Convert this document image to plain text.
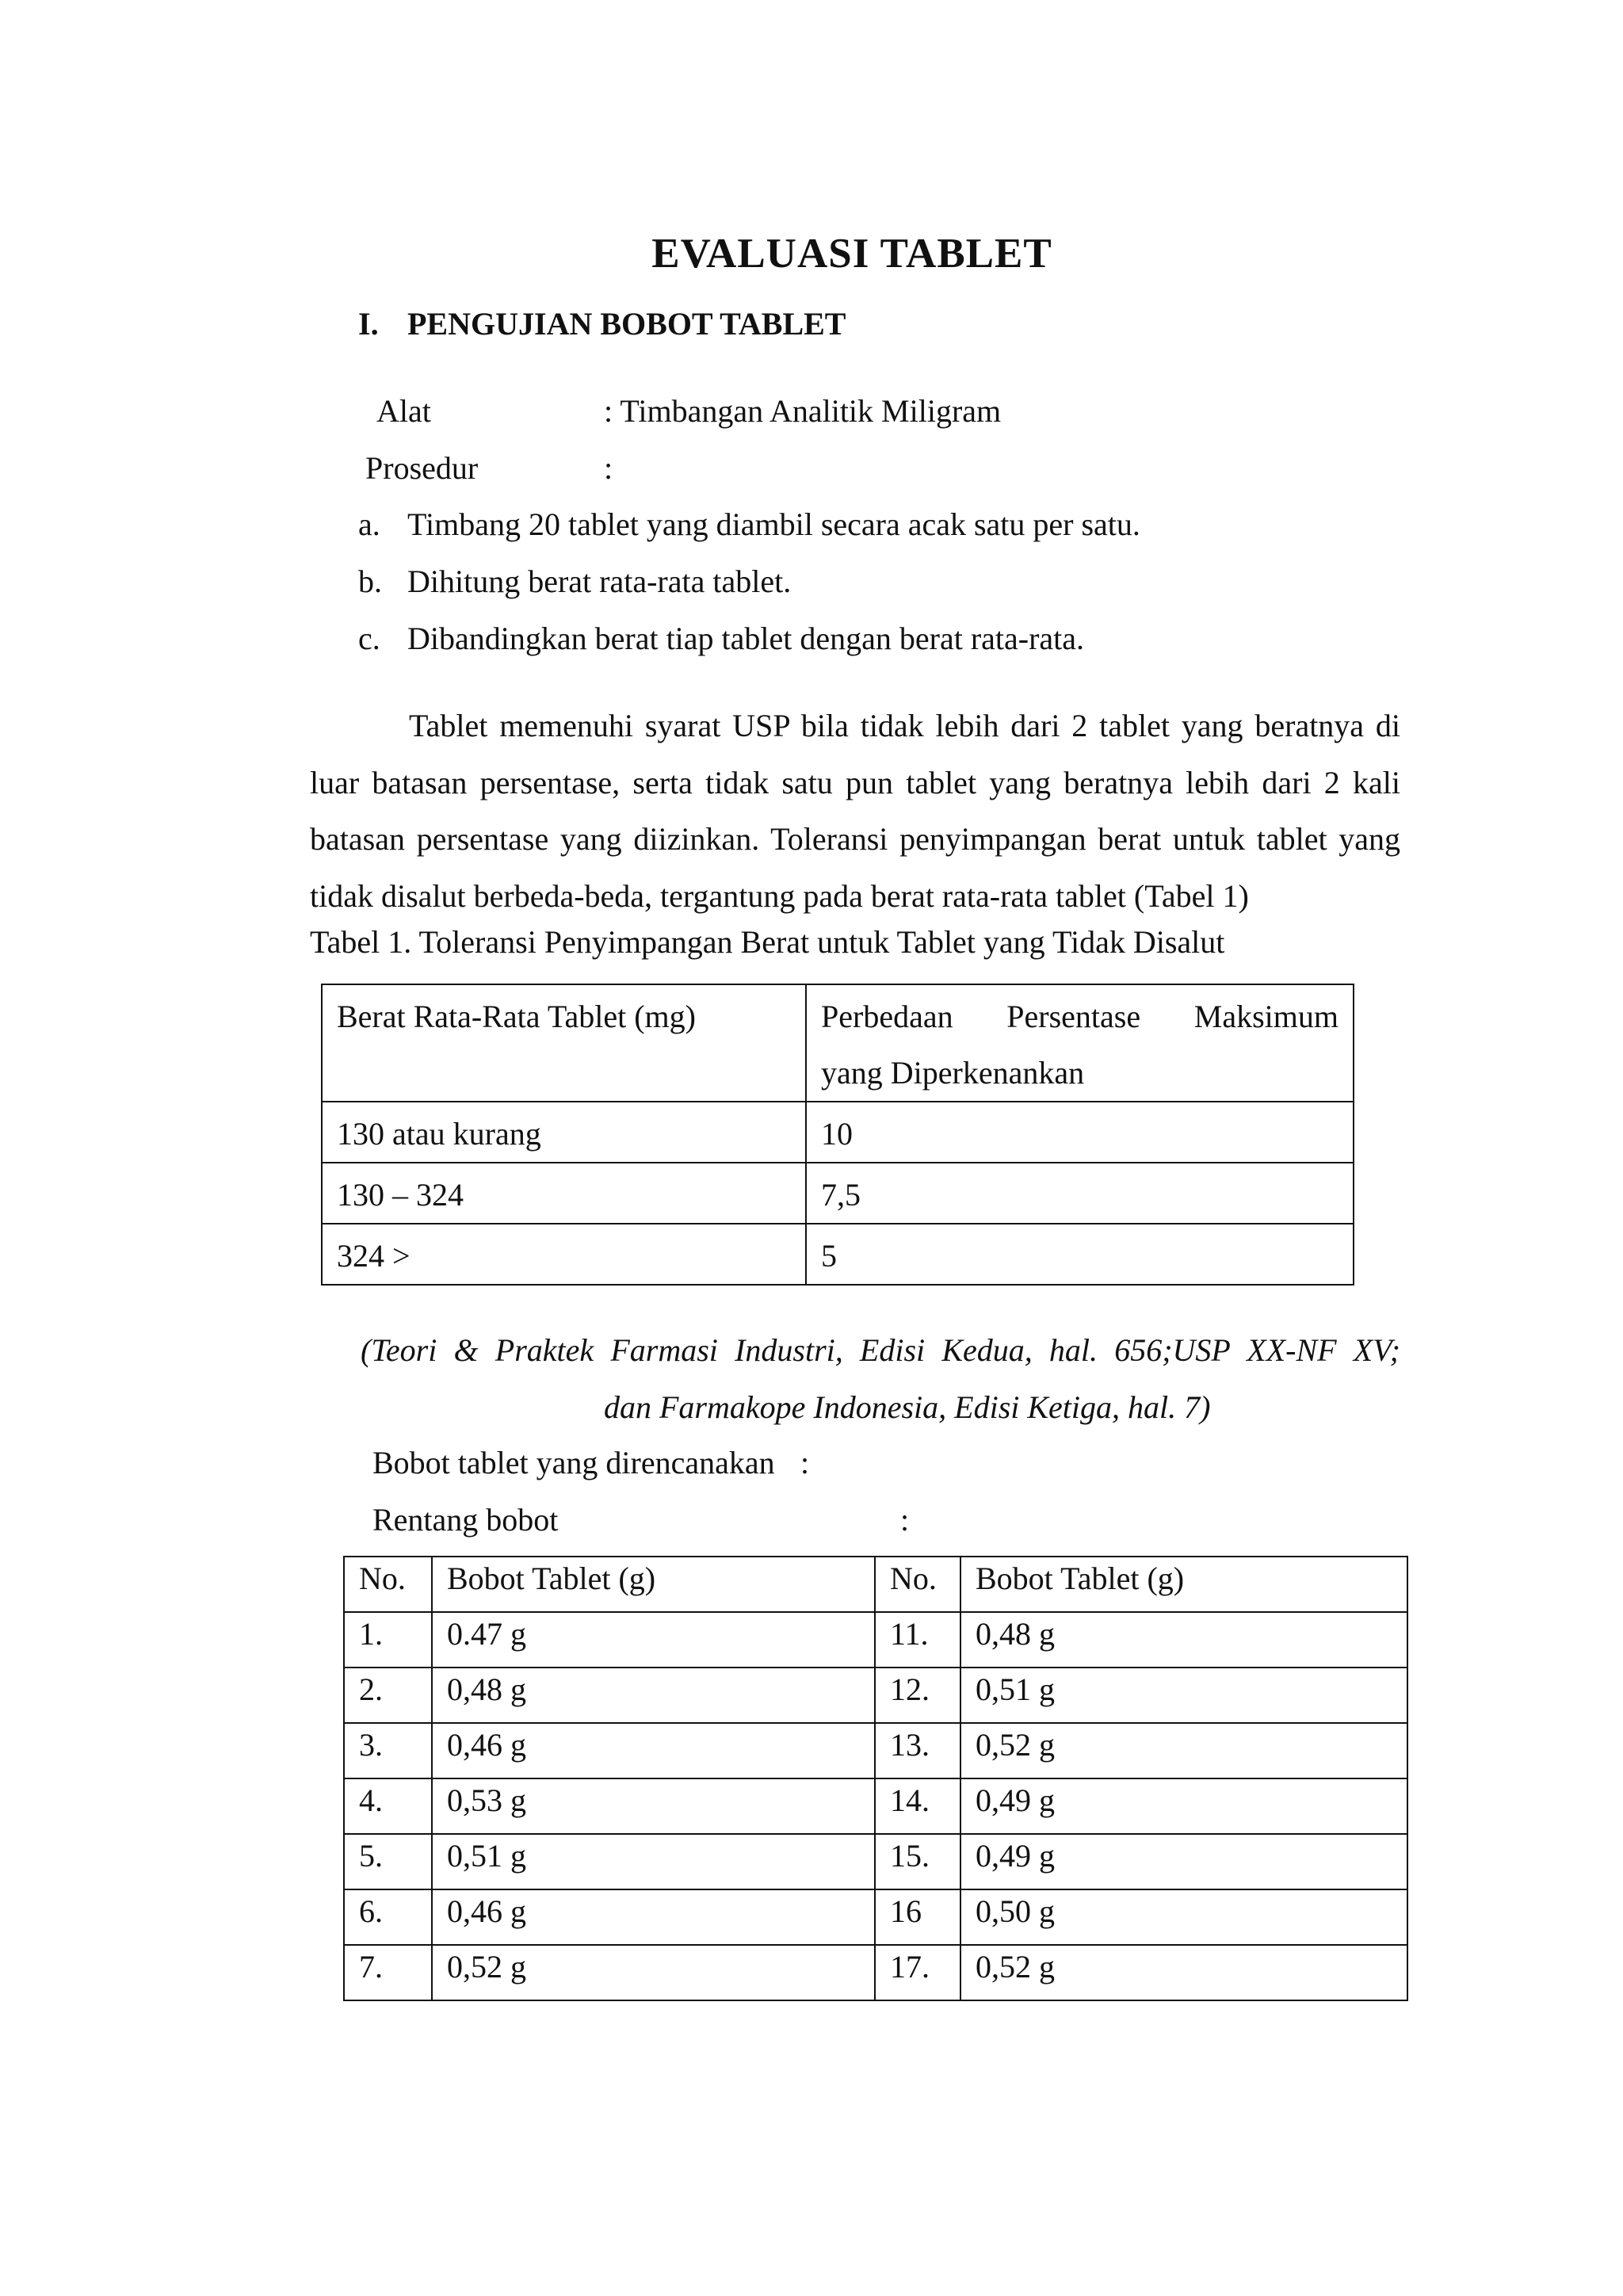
EVALUASI TABLET
I. PENGUJIAN BOBOT TABLET
Alat	: Timbangan Analitik Miligram
Prosedur	:
a. Timbang 20 tablet yang diambil secara acak satu per satu.
b. Dihitung berat rata-rata tablet.
c. Dibandingkan berat tiap tablet dengan berat rata-rata.

Tablet memenuhi syarat USP bila tidak lebih dari 2 tablet yang beratnya di luar batasan persentase, serta tidak satu pun tablet yang beratnya lebih dari 2 kali batasan persentase yang diizinkan. Toleransi penyimpangan berat untuk tablet yang tidak disalut berbeda-beda, tergantung pada berat rata-rata tablet (Tabel 1)

Tabel 1. Toleransi Penyimpangan Berat untuk Tablet yang Tidak Disalut
Berat Rata-Rata Tablet (mg)	Perbedaan Persentase Maksimum
yang Diperkenankan

130 atau kurang	10
130 – 324	7,5
324 >	5
(Teori & Praktek Farmasi Industri, Edisi Kedua, hal. 656;USP XX-NF XV;
dan Farmakope Indonesia, Edisi Ketiga, hal. 7)
Bobot tablet yang direncanakan :
Rentang bobot	:
No.	Bobot Tablet (g)	No.	Bobot Tablet (g)
1.	0.47 g	11.	0,48 g
2.	0,48 g	12.	0,51 g
3.	0,46 g	13.	0,52 g
4.	0,53 g	14.	0,49 g
5.	0,51 g	15.	0,49 g
6.	0,46 g	16	0,50 g
7.	0,52 g	17.	0,52 g
